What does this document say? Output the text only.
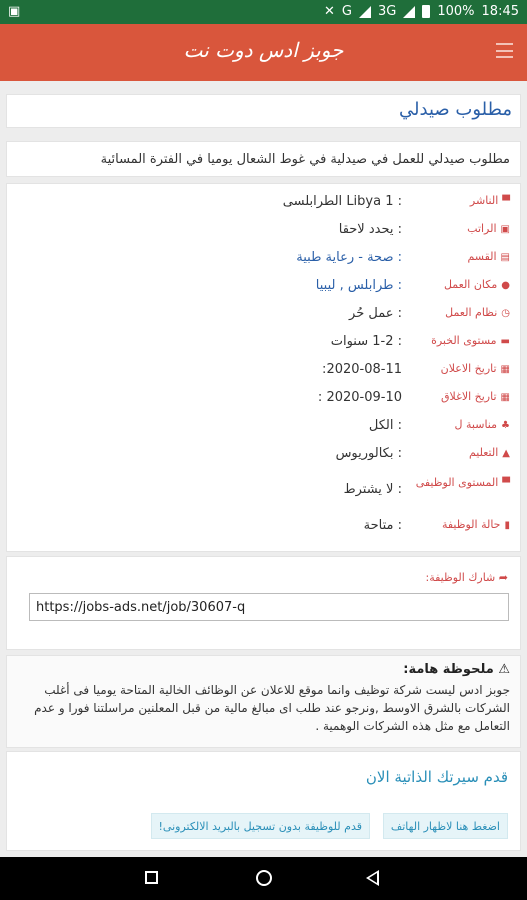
▣	✕ G 3G	100% 18:45
جوبز ادس دوت نت
مطلوب صيدلي
مطلوب صيدلي للعمل في صيدلية في غوط الشعال يوميا في الفترة المسائية
▀الناشر
: Libya 1 الطرابلسى
▣الراتب
: يحدد لاحقا
▤القسم
: صحة - رعاية طبية
●مكان العمل
: طرابلس , ليبيا
◷نظام العمل
: عمل حُر
▬مستوى الخبرة
: 1-2 سنوات
▦تاريخ الاعلان
2020-08-11:
▦تاريخ الاغلاق
2020-09-10 :
♣مناسبة ل
: الكل
▲التعليم
: بكالوريوس
▀المستوى الوظيفى
: لا يشترط
▮حالة الوظيفة
: متاحة
➦ شارك الوظيفة:
https://jobs-ads.net/job/30607-q
⚠ ملحوظة هامة:
جوبز ادس ليست شركة توظيف وانما موقع للاعلان عن الوظائف الخالية المتاحة يوميا فى أغلب الشركات بالشرق الاوسط ,ونرجو عند طلب اى مبالغ مالية من قبل المعلنين مراسلتنا فورا و عدم التعامل مع مثل هذه الشركات الوهمية .
قدم سيرتك الذاتية الان
اضغط هنا لاظهار الهاتف
قدم للوظيفة بدون تسجيل بالبريد الالكترونى!
